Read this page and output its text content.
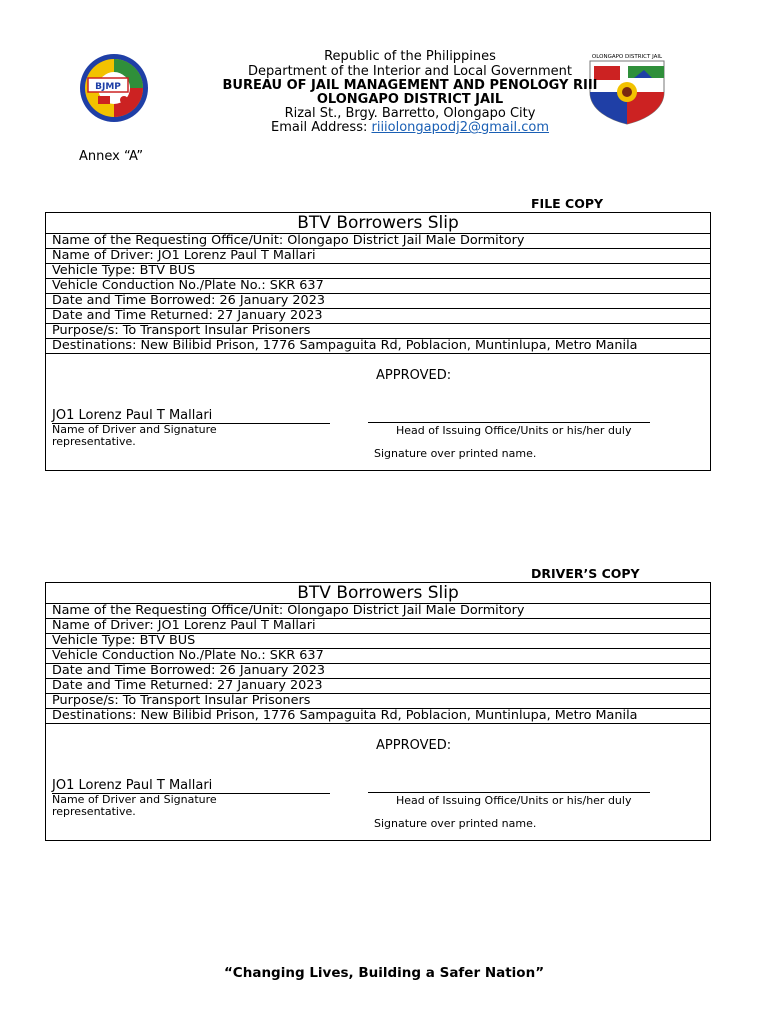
BJMP
OLONGAPO DISTRICT JAIL
Republic of the Philippines
Department of the Interior and Local Government
BUREAU OF JAIL MANAGEMENT AND PENOLOGY RIII
OLONGAPO DISTRICT JAIL
Rizal St., Brgy. Barretto, Olongapo City
Email Address: riiiolongapodj2@gmail.com
Annex “A”
FILE COPY
BTV Borrowers Slip
Name of the Requesting Office/Unit: Olongapo District Jail Male Dormitory
Name of Driver: JO1 Lorenz Paul T Mallari
Vehicle Type: BTV BUS
Vehicle Conduction No./Plate No.: SKR 637
Date and Time Borrowed: 26 January 2023
Date and Time Returned: 27 January 2023
Purpose/s: To Transport Insular Prisoners
Destinations: New Bilibid Prison, 1776 Sampaguita Rd, Poblacion, Muntinlupa, Metro Manila
APPROVED:
JO1 Lorenz Paul T Mallari
Name of Driver and Signature representative.
Head of Issuing Office/Units or his/her duly
Signature over printed name.
DRIVER’S COPY
BTV Borrowers Slip
Name of the Requesting Office/Unit: Olongapo District Jail Male Dormitory
Name of Driver: JO1 Lorenz Paul T Mallari
Vehicle Type: BTV BUS
Vehicle Conduction No./Plate No.: SKR 637
Date and Time Borrowed: 26 January 2023
Date and Time Returned: 27 January 2023
Purpose/s: To Transport Insular Prisoners
Destinations: New Bilibid Prison, 1776 Sampaguita Rd, Poblacion, Muntinlupa, Metro Manila
APPROVED:
JO1 Lorenz Paul T Mallari
Name of Driver and Signature representative.
Head of Issuing Office/Units or his/her duly
Signature over printed name.
“Changing Lives, Building a Safer Nation”
